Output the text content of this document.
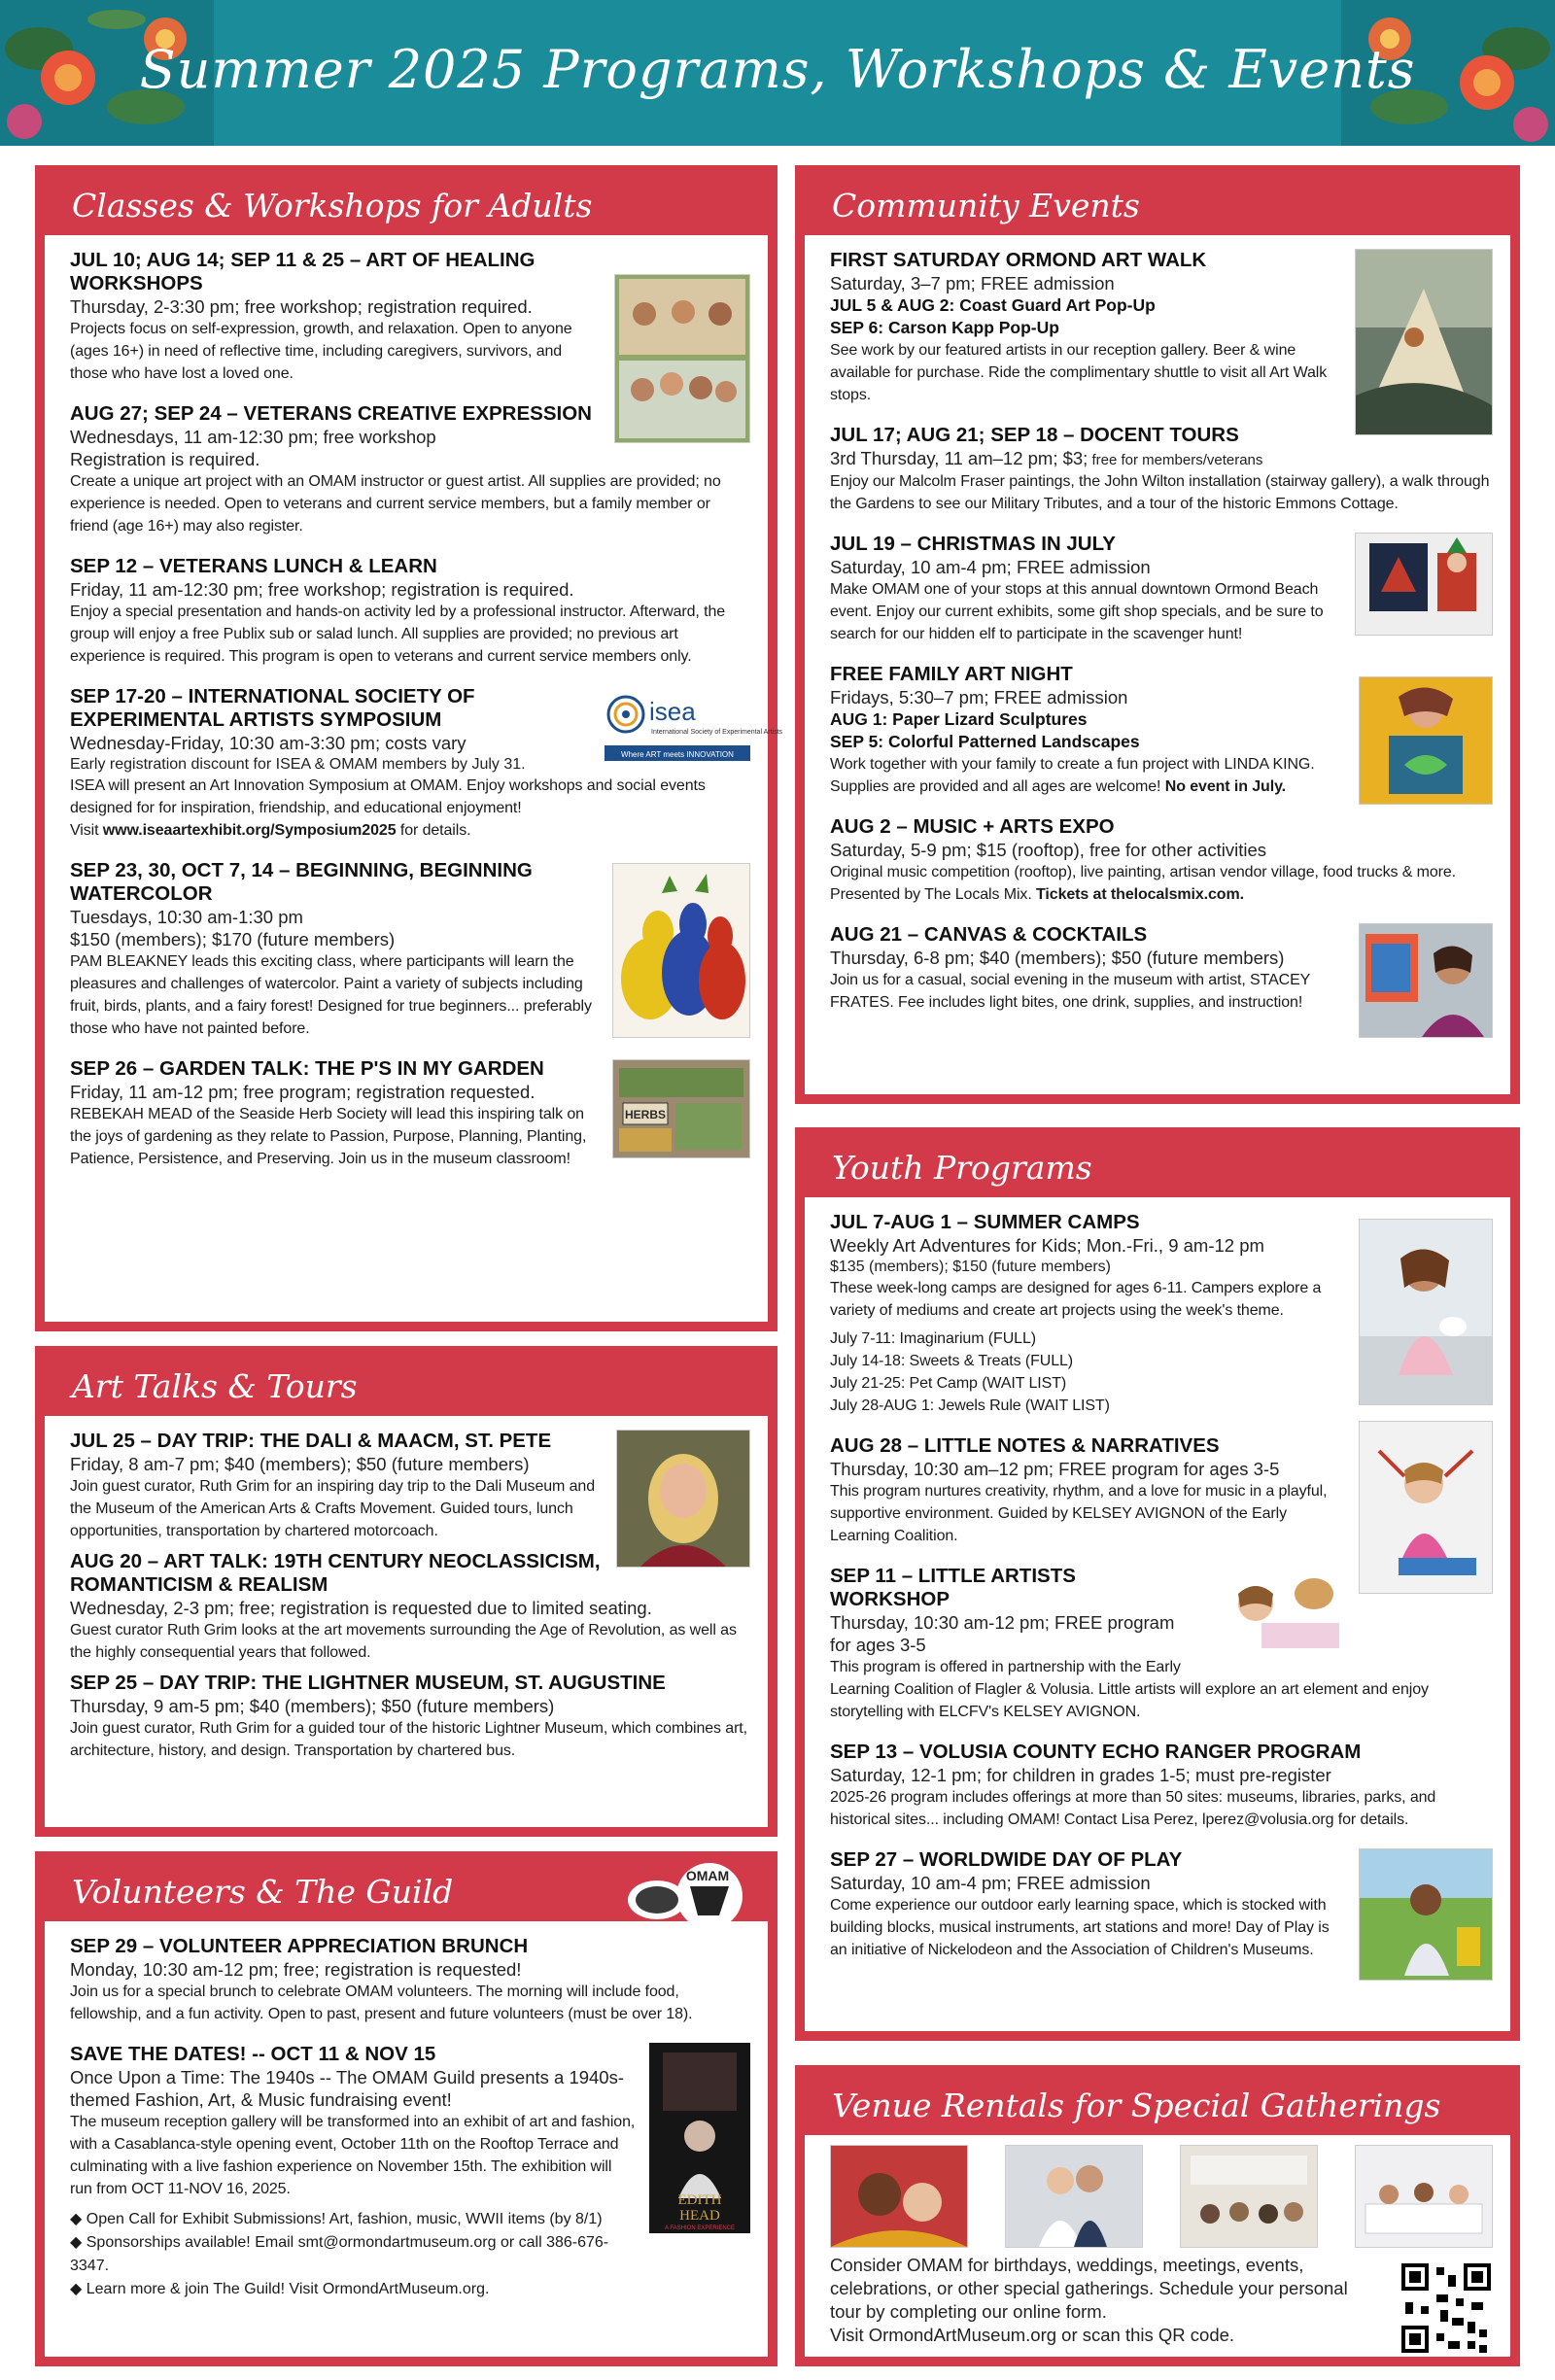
Summer 2025 Programs, Workshops & Events
Classes & Workshops for Adults
JUL 10; AUG 14; SEP 11 & 25 – ART OF HEALING WORKSHOPS
Thursday, 2-3:30 pm; free workshop; registration required.
Projects focus on self-expression, growth, and relaxation. Open to anyone (ages 16+) in need of reflective time, including caregivers, survivors, and those who have lost a loved one.
AUG 27; SEP 24 – VETERANS CREATIVE EXPRESSION
Wednesdays, 11 am-12:30 pm; free workshop
Registration is required.
Create a unique art project with an OMAM instructor or guest artist. All supplies are provided; no experience is needed. Open to veterans and current service members, but a family member or friend (age 16+) may also register.
SEP 12 – VETERANS LUNCH & LEARN
Friday, 11 am-12:30 pm; free workshop; registration is required.
Enjoy a special presentation and hands-on activity led by a professional instructor. Afterward, the group will enjoy a free Publix sub or salad lunch. All supplies are provided; no previous art experience is required. This program is open to veterans and current service members only.
isea
International Society of Experimental Artists
Where ART meets INNOVATION
SEP 17-20 – INTERNATIONAL SOCIETY OF EXPERIMENTAL ARTISTS SYMPOSIUM
Wednesday-Friday, 10:30 am-3:30 pm; costs vary
Early registration discount for ISEA & OMAM members by July 31.
ISEA will present an Art Innovation Symposium at OMAM. Enjoy workshops and social events designed for for inspiration, friendship, and educational enjoyment!
Visit www.iseaartexhibit.org/Symposium2025 for details.
SEP 23, 30, OCT 7, 14 – BEGINNING, BEGINNING WATERCOLOR
Tuesdays, 10:30 am-1:30 pm
$150 (members); $170 (future members)
PAM BLEAKNEY leads this exciting class, where participants will learn the pleasures and challenges of watercolor. Paint a variety of subjects including fruit, birds, plants, and a fairy forest! Designed for true beginners... preferably those who have not painted before.
HERBS
SEP 26 – GARDEN TALK: THE P'S IN MY GARDEN
Friday, 11 am-12 pm; free program; registration requested.
REBEKAH MEAD of the Seaside Herb Society will lead this inspiring talk on the joys of gardening as they relate to Passion, Purpose, Planning, Planting, Patience, Persistence, and Preserving. Join us in the museum classroom!
Art Talks & Tours
JUL 25 – DAY TRIP: THE DALI & MAACM, ST. PETE
Friday, 8 am-7 pm; $40 (members); $50 (future members)
Join guest curator, Ruth Grim for an inspiring day trip to the Dali Museum and the Museum of the American Arts & Crafts Movement. Guided tours, lunch opportunities, transportation by chartered motorcoach.
AUG 20 – ART TALK: 19TH CENTURY NEOCLASSICISM, ROMANTICISM & REALISM
Wednesday, 2-3 pm; free; registration is requested due to limited seating.
Guest curator Ruth Grim looks at the art movements surrounding the Age of Revolution, as well as the highly consequential years that followed.
SEP 25 – DAY TRIP: THE LIGHTNER MUSEUM, ST. AUGUSTINE
Thursday, 9 am-5 pm; $40 (members); $50 (future members)
Join guest curator, Ruth Grim for a guided tour of the historic Lightner Museum, which combines art, architecture, history, and design. Transportation by chartered bus.
Volunteers & The Guild	OMAM
SEP 29 – VOLUNTEER APPRECIATION BRUNCH
Monday, 10:30 am-12 pm; free; registration is requested!
Join us for a special brunch to celebrate OMAM volunteers. The morning will include food, fellowship, and a fun activity. Open to past, present and future volunteers (must be over 18).
EDITH
HEAD
A FASHION EXPERIENCE
SAVE THE DATES! -- OCT 11 & NOV 15
Once Upon a Time: The 1940s -- The OMAM Guild presents a 1940s-themed Fashion, Art, & Music fundraising event!
The museum reception gallery will be transformed into an exhibit of art and fashion, with a Casablanca-style opening event, October 11th on the Rooftop Terrace and culminating with a live fashion experience on November 15th. The exhibition will run from OCT 11-NOV 16, 2025.
◆ Open Call for Exhibit Submissions! Art, fashion, music, WWII items (by 8/1)
◆ Sponsorships available! Email smt@ormondartmuseum.org or call 386-676-3347.
◆ Learn more & join The Guild! Visit OrmondArtMuseum.org.
Community Events
FIRST SATURDAY ORMOND ART WALK
Saturday, 3–7 pm; FREE admission
JUL 5 & AUG 2: Coast Guard Art Pop-Up
SEP 6: Carson Kapp Pop-Up
See work by our featured artists in our reception gallery. Beer & wine available for purchase. Ride the complimentary shuttle to visit all Art Walk stops.
JUL 17; AUG 21; SEP 18 – DOCENT TOURS
3rd Thursday, 11 am–12 pm; $3; free for members/veterans
Enjoy our Malcolm Fraser paintings, the John Wilton installation (stairway gallery), a walk through the Gardens to see our Military Tributes, and a tour of the historic Emmons Cottage.
JUL 19 – CHRISTMAS IN JULY
Saturday, 10 am-4 pm; FREE admission
Make OMAM one of your stops at this annual downtown Ormond Beach event. Enjoy our current exhibits, some gift shop specials, and be sure to search for our hidden elf to participate in the scavenger hunt!
FREE FAMILY ART NIGHT
Fridays, 5:30–7 pm; FREE admission
AUG 1: Paper Lizard Sculptures
SEP 5: Colorful Patterned Landscapes
Work together with your family to create a fun project with LINDA KING. Supplies are provided and all ages are welcome! No event in July.
AUG 2 – MUSIC + ARTS EXPO
Saturday, 5-9 pm; $15 (rooftop), free for other activities
Original music competition (rooftop), live painting, artisan vendor village, food trucks & more. Presented by The Locals Mix. Tickets at thelocalsmix.com.
AUG 21 – CANVAS & COCKTAILS
Thursday, 6-8 pm; $40 (members); $50 (future members)
Join us for a casual, social evening in the museum with artist, STACEY FRATES. Fee includes light bites, one drink, supplies, and instruction!
Youth Programs
JUL 7-AUG 1 – SUMMER CAMPS
Weekly Art Adventures for Kids; Mon.-Fri., 9 am-12 pm
$135 (members); $150 (future members)
These week-long camps are designed for ages 6-11. Campers explore a variety of mediums and create art projects using the week's theme.
July 7-11: Imaginarium (FULL)
July 14-18: Sweets & Treats (FULL)
July 21-25: Pet Camp (WAIT LIST)
July 28-AUG 1: Jewels Rule (WAIT LIST)
AUG 28 – LITTLE NOTES & NARRATIVES
Thursday, 10:30 am–12 pm; FREE program for ages 3-5
This program nurtures creativity, rhythm, and a love for music in a playful, supportive environment. Guided by KELSEY AVIGNON of the Early Learning Coalition.
SEP 11 – LITTLE ARTISTS WORKSHOP
Thursday, 10:30 am-12 pm; FREE program for ages 3-5
This program is offered in partnership with the Early Learning Coalition of Flagler & Volusia. Little artists will explore an art element and enjoy storytelling with ELCFV's KELSEY AVIGNON.
SEP 13 – VOLUSIA COUNTY ECHO RANGER PROGRAM
Saturday, 12-1 pm; for children in grades 1-5; must pre-register
2025-26 program includes offerings at more than 50 sites: museums, libraries, parks, and historical sites... including OMAM! Contact Lisa Perez, lperez@volusia.org for details.
SEP 27 – WORLDWIDE DAY OF PLAY
Saturday, 10 am-4 pm; FREE admission
Come experience our outdoor early learning space, which is stocked with building blocks, musical instruments, art stations and more! Day of Play is an initiative of Nickelodeon and the Association of Children's Museums.
Venue Rentals for Special Gatherings
Consider OMAM for birthdays, weddings, meetings, events, celebrations, or other special gatherings. Schedule your personal tour by completing our online form.
Visit OrmondArtMuseum.org or scan this QR code.
